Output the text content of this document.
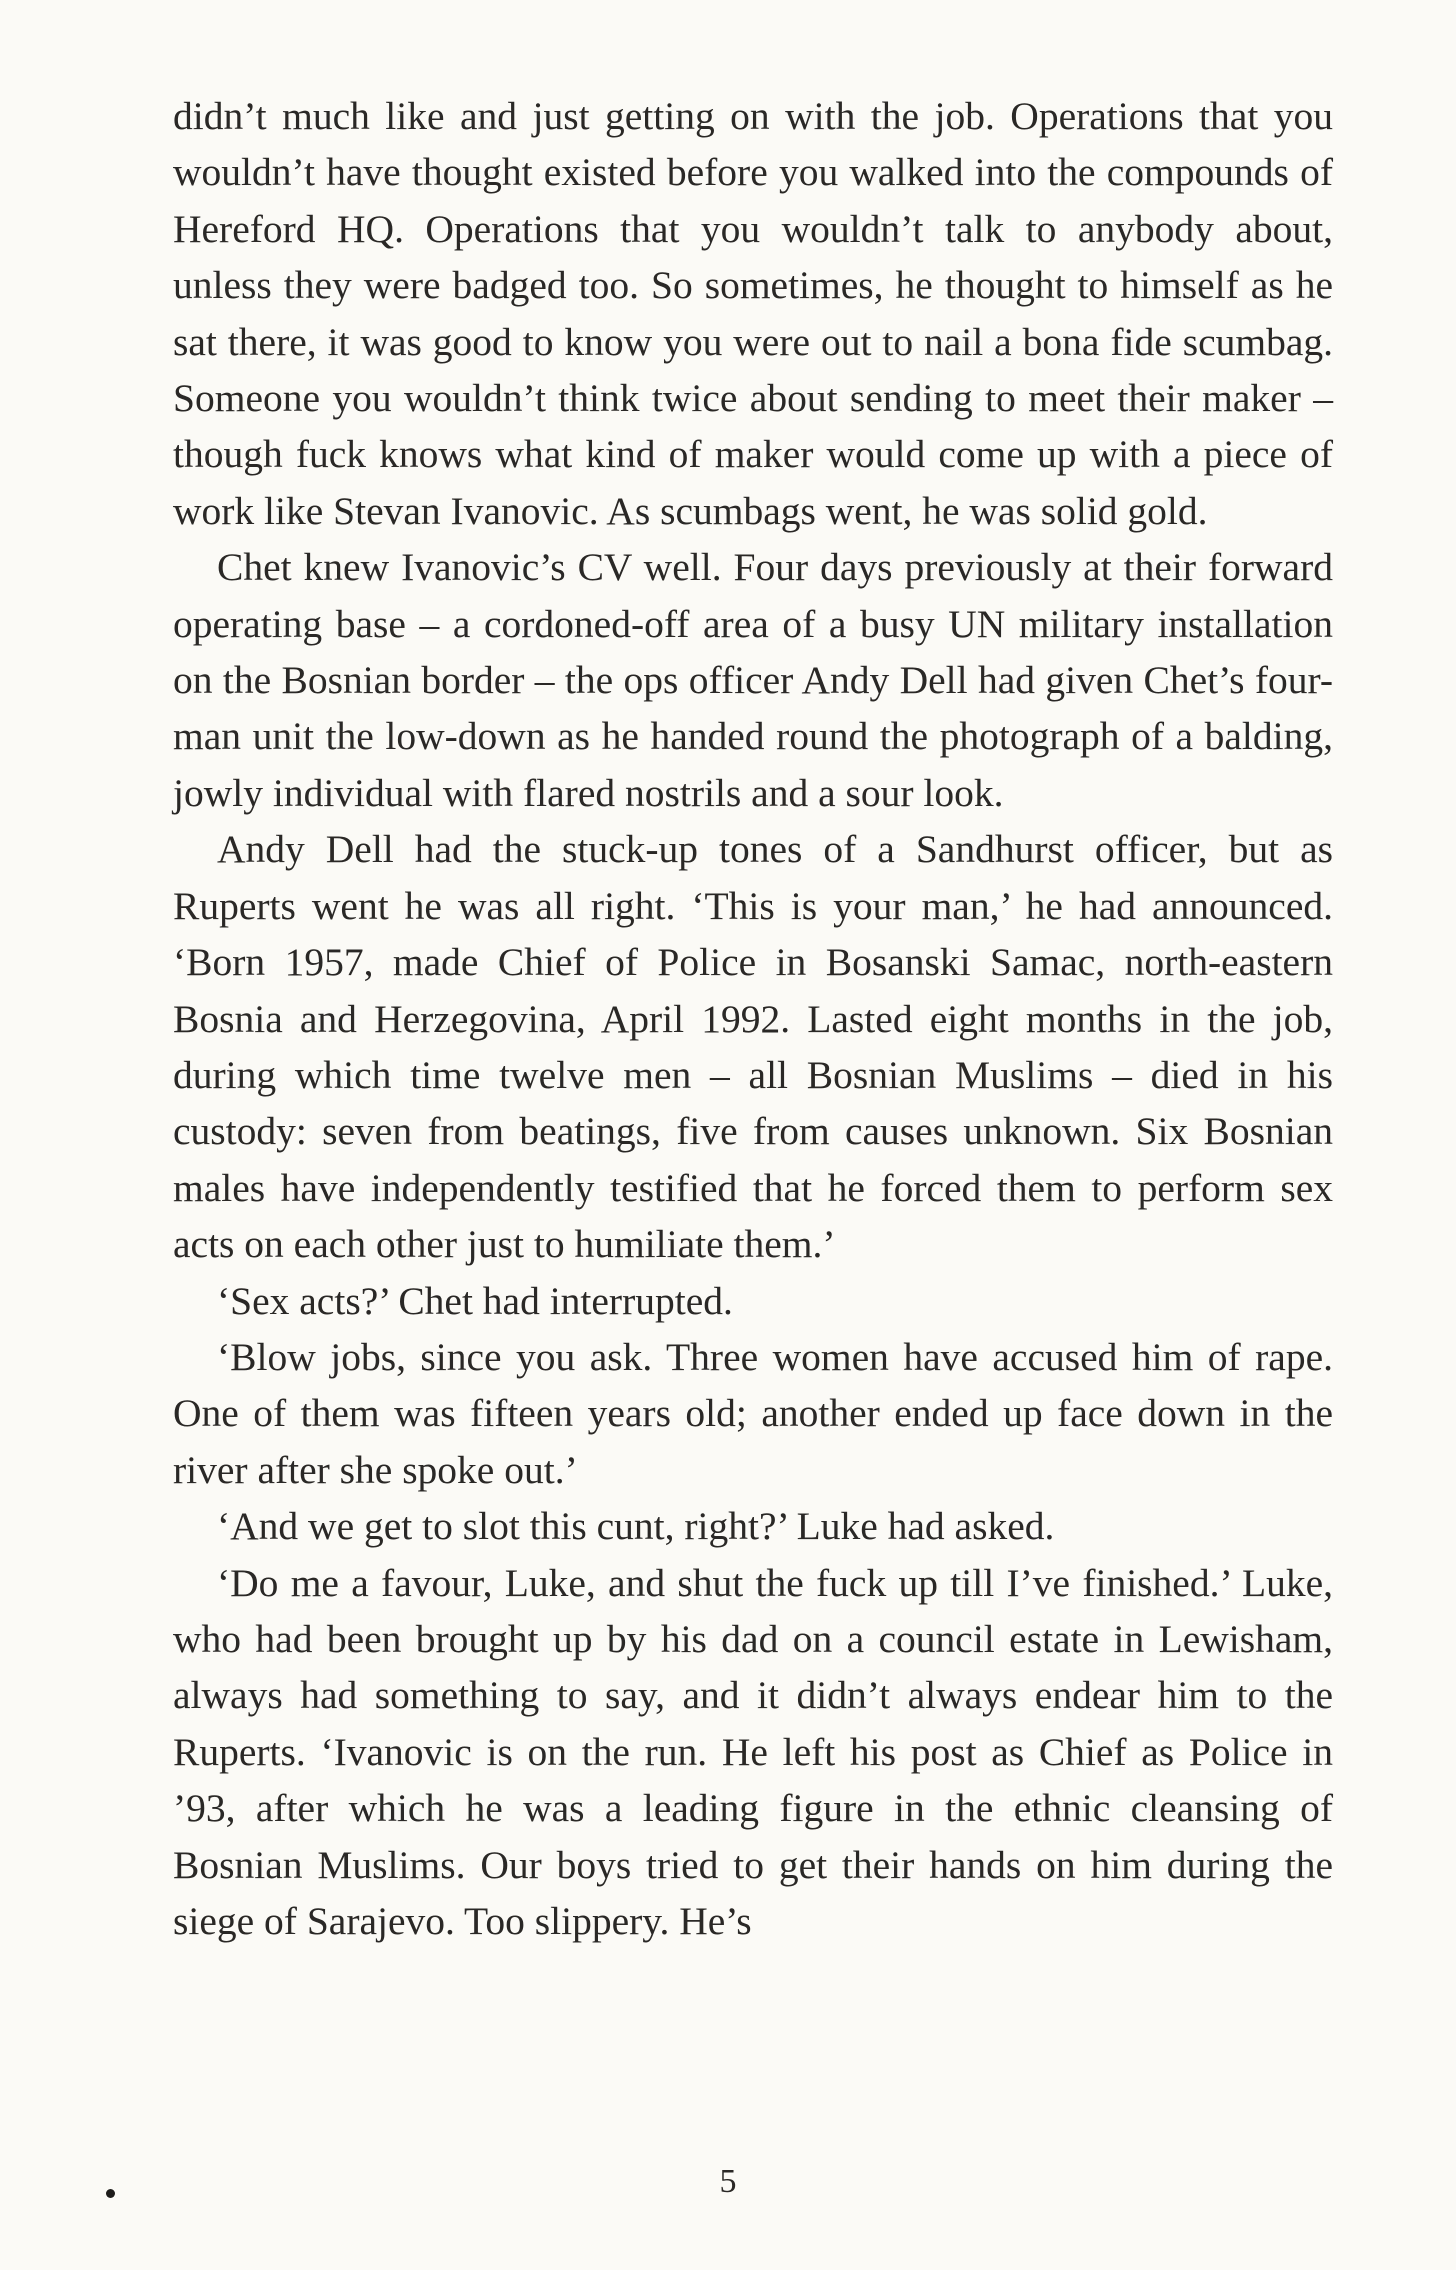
didn’t much like and just getting on with the job. Operations that you wouldn’t have thought existed before you walked into the compounds of Hereford HQ. Operations that you wouldn’t talk to anybody about, unless they were badged too. So sometimes, he thought to himself as he sat there, it was good to know you were out to nail a bona fide scumbag. Someone you wouldn’t think twice about sending to meet their maker – though fuck knows what kind of maker would come up with a piece of work like Stevan Ivanovic. As scumbags went, he was solid gold.

Chet knew Ivanovic’s CV well. Four days previously at their forward operating base – a cordoned-off area of a busy UN military installation on the Bosnian border – the ops officer Andy Dell had given Chet’s four-man unit the low-down as he handed round the photograph of a balding, jowly individual with flared nostrils and a sour look.

Andy Dell had the stuck-up tones of a Sandhurst officer, but as Ruperts went he was all right. ‘This is your man,’ he had announced. ‘Born 1957, made Chief of Police in Bosanski Samac, north-eastern Bosnia and Herzegovina, April 1992. Lasted eight months in the job, during which time twelve men – all Bosnian Muslims – died in his custody: seven from beatings, five from causes unknown. Six Bosnian males have independently testified that he forced them to perform sex acts on each other just to humiliate them.’

‘Sex acts?’ Chet had interrupted.

‘Blow jobs, since you ask. Three women have accused him of rape. One of them was fifteen years old; another ended up face down in the river after she spoke out.’

‘And we get to slot this cunt, right?’ Luke had asked.

‘Do me a favour, Luke, and shut the fuck up till I’ve finished.’ Luke, who had been brought up by his dad on a council estate in Lewisham, always had something to say, and it didn’t always endear him to the Ruperts. ‘Ivanovic is on the run. He left his post as Chief as Police in ’93, after which he was a leading figure in the ethnic cleansing of Bosnian Muslims. Our boys tried to get their hands on him during the siege of Sarajevo. Too slippery. He’s

5
